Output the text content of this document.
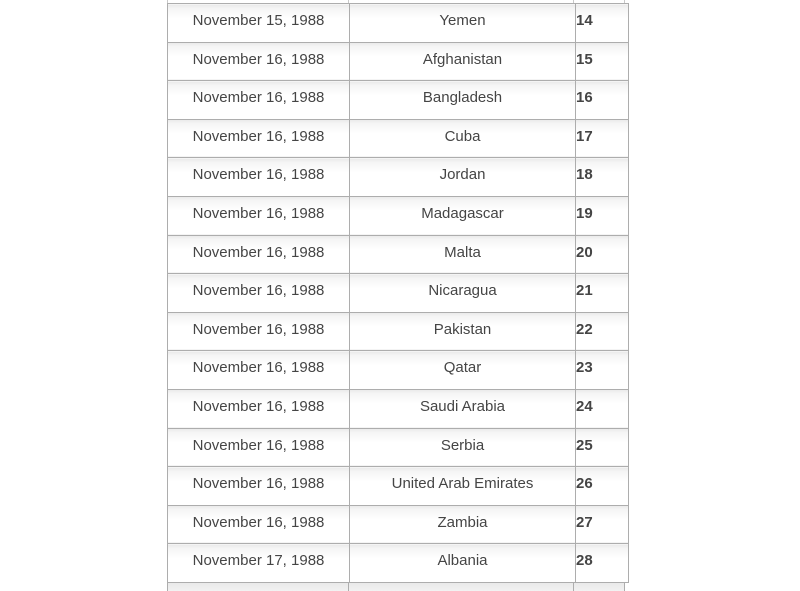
November 15, 1988	Yemen	14
November 16, 1988	Afghanistan	15
November 16, 1988	Bangladesh	16
November 16, 1988	Cuba	17
November 16, 1988	Jordan	18
November 16, 1988	Madagascar	19
November 16, 1988	Malta	20
November 16, 1988	Nicaragua	21
November 16, 1988	Pakistan	22
November 16, 1988	Qatar	23
November 16, 1988	Saudi Arabia	24
November 16, 1988	Serbia	25
November 16, 1988	United Arab Emirates	26
November 16, 1988	Zambia	27
November 17, 1988	Albania	28
